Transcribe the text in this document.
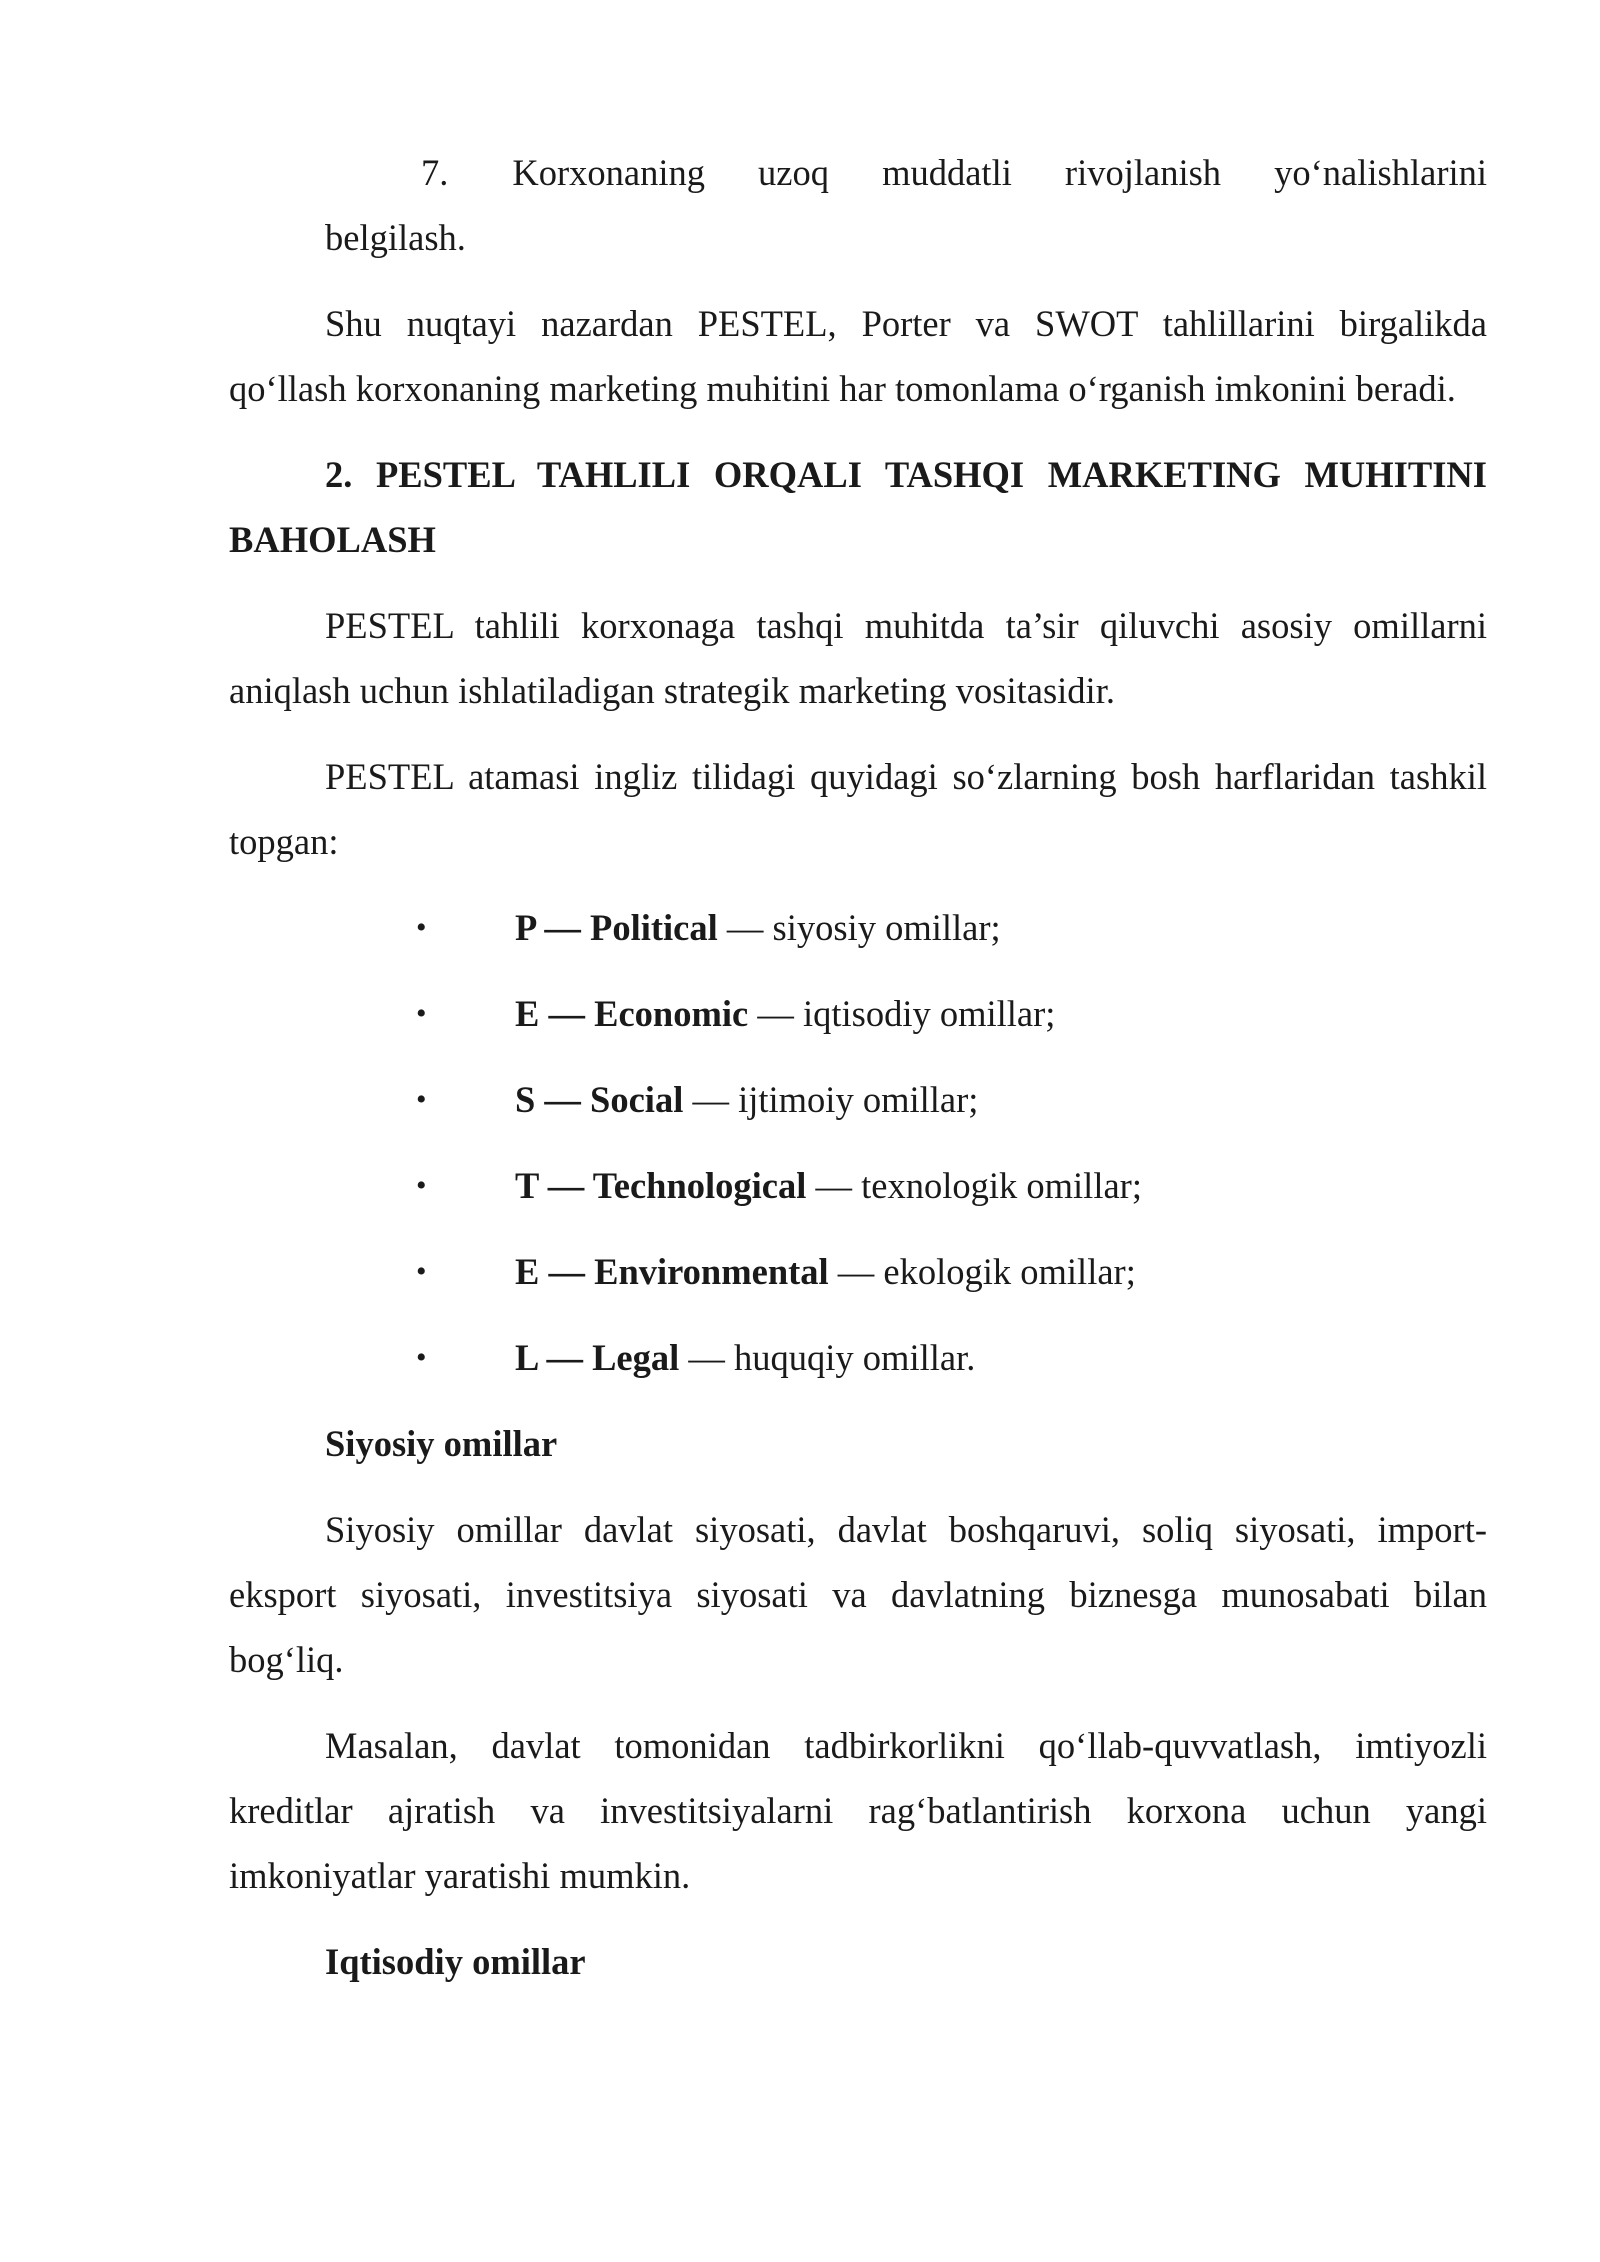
7. Korxonaning uzoq muddatli rivojlanish yo‘nalishlarini
belgilash.

Shu nuqtayi nazardan PESTEL, Porter va SWOT tahlillarini birgalikda qo‘llash korxonaning marketing muhitini har tomonlama o‘rganish imkonini beradi.

2. PESTEL TAHLILI ORQALI TASHQI MARKETING MUHITINI BAHOLASH

PESTEL tahlili korxonaga tashqi muhitda ta’sir qiluvchi asosiy omillarni aniqlash uchun ishlatiladigan strategik marketing vositasidir.

PESTEL atamasi ingliz tilidagi quyidagi so‘zlarning bosh harflaridan tashkil topgan:

• P — Political — siyosiy omillar;
• E — Economic — iqtisodiy omillar;
• S — Social — ijtimoiy omillar;
• T — Technological — texnologik omillar;
• E — Environmental — ekologik omillar;
• L — Legal — huquqiy omillar.

Siyosiy omillar

Siyosiy omillar davlat siyosati, davlat boshqaruvi, soliq siyosati, import-eksport siyosati, investitsiya siyosati va davlatning biznesga munosabati bilan bog‘liq.

Masalan, davlat tomonidan tadbirkorlikni qo‘llab-quvvatlash, imtiyozli kreditlar ajratish va investitsiyalarni rag‘batlantirish korxona uchun yangi imkoniyatlar yaratishi mumkin.

Iqtisodiy omillar
